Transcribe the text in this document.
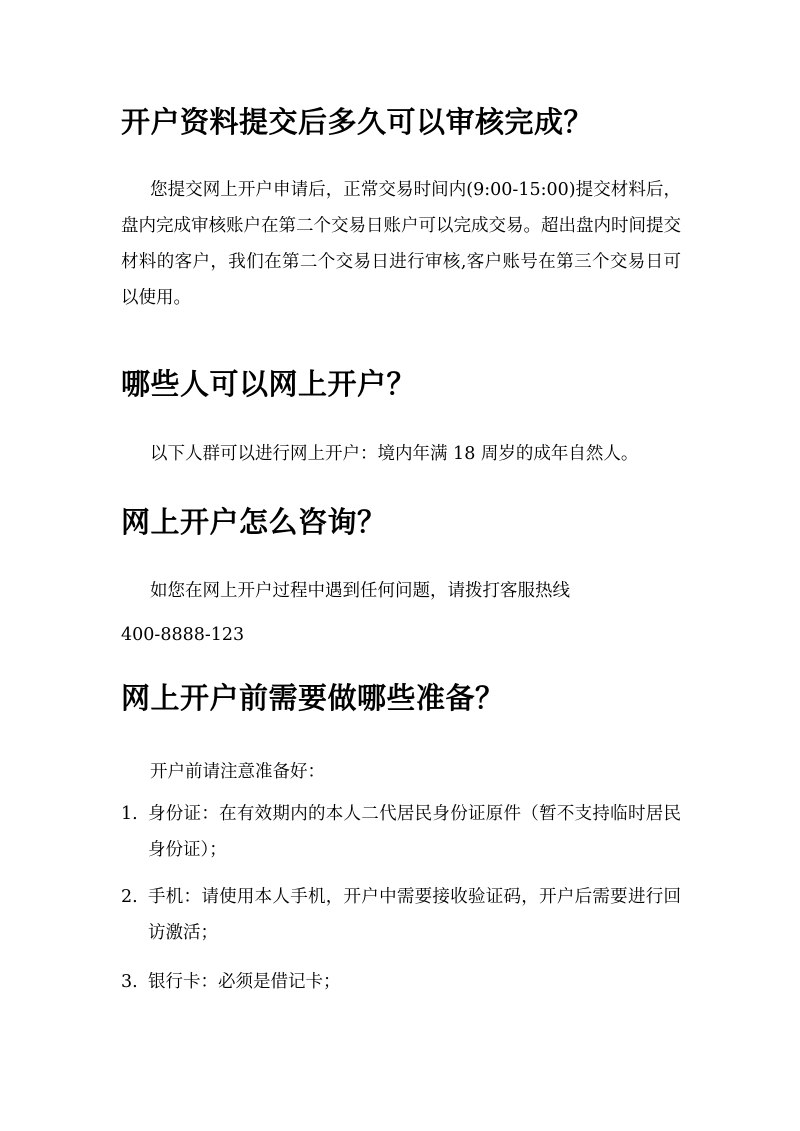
开户资料提交后多久可以审核完成？

您提交网上开户申请后，正常交易时间内(9:00-15:00)提交材料后，盘内完成审核账户在第二个交易日账户可以完成交易。超出盘内时间提交材料的客户，我们在第二个交易日进行审核,客户账号在第三个交易日可以使用。

哪些人可以网上开户？

以下人群可以进行网上开户：境内年满 18 周岁的成年自然人。

网上开户怎么咨询？

如您在网上开户过程中遇到任何问题，请拨打客服热线

400-8888-123

网上开户前需要做哪些准备？

开户前请注意准备好：

1. 身份证：在有效期内的本人二代居民身份证原件（暂不支持临时居民身份证）；
2. 手机：请使用本人手机，开户中需要接收验证码，开户后需要进行回访激活；
3. 银行卡：必须是借记卡；
